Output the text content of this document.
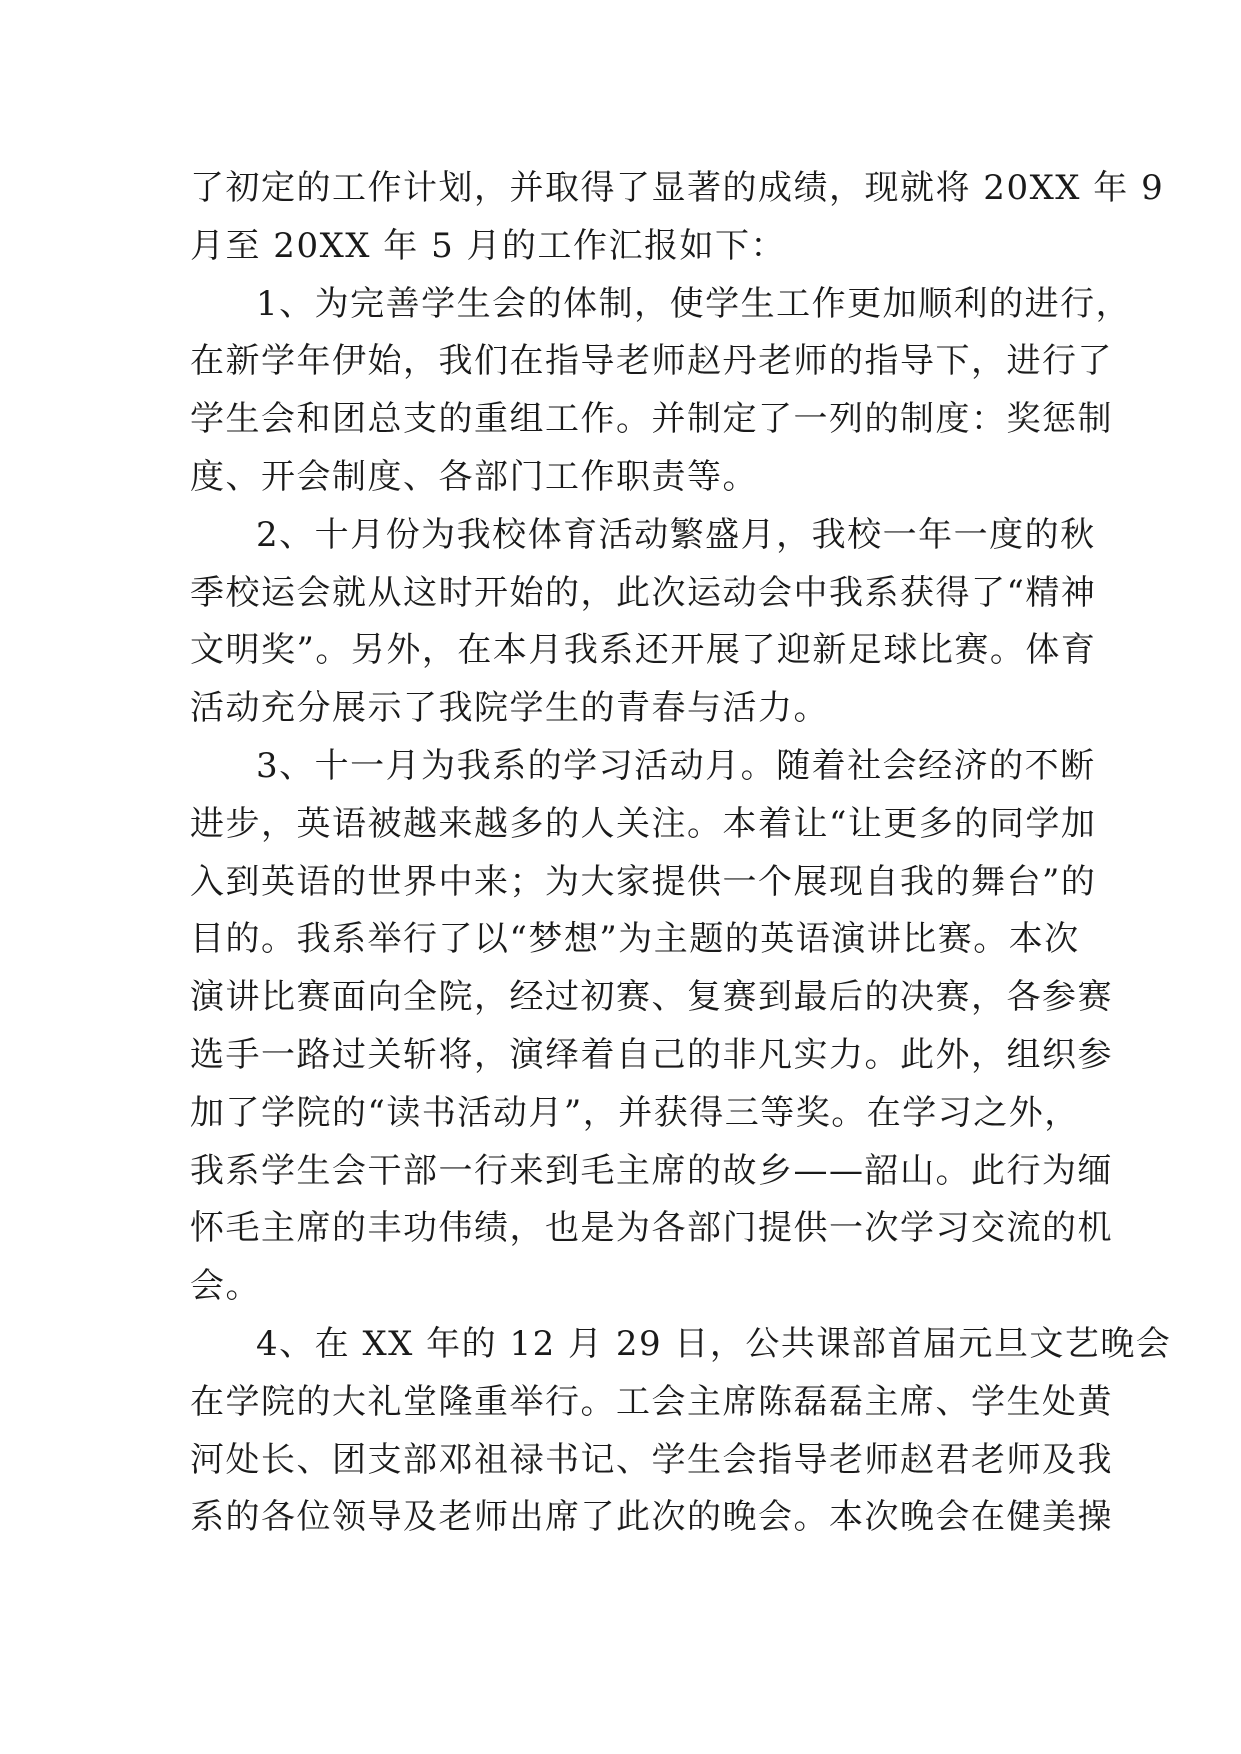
了初定的工作计划，并取得了显著的成绩，现就将 20XX 年 9
月至 20XX 年 5 月的工作汇报如下：
1、为完善学生会的体制，使学生工作更加顺利的进行，
在新学年伊始，我们在指导老师赵丹老师的指导下，进行了
学生会和团总支的重组工作。并制定了一列的制度：奖惩制
度、开会制度、各部门工作职责等。
2、十月份为我校体育活动繁盛月，我校一年一度的秋
季校运会就从这时开始的，此次运动会中我系获得了“精神
文明奖”。另外，在本月我系还开展了迎新足球比赛。体育
活动充分展示了我院学生的青春与活力。
3、十一月为我系的学习活动月。随着社会经济的不断
进步，英语被越来越多的人关注。本着让“让更多的同学加
入到英语的世界中来；为大家提供一个展现自我的舞台”的
目的。我系举行了以“梦想”为主题的英语演讲比赛。本次
演讲比赛面向全院，经过初赛、复赛到最后的决赛，各参赛
选手一路过关斩将，演绎着自己的非凡实力。此外，组织参
加了学院的“读书活动月”，并获得三等奖。在学习之外，
我系学生会干部一行来到毛主席的故乡——韶山。此行为缅
怀毛主席的丰功伟绩，也是为各部门提供一次学习交流的机
会。
4、在 XX 年的 12 月 29 日，公共课部首届元旦文艺晚会
在学院的大礼堂隆重举行。工会主席陈磊磊主席、学生处黄
河处长、团支部邓祖禄书记、学生会指导老师赵君老师及我
系的各位领导及老师出席了此次的晚会。本次晚会在健美操
